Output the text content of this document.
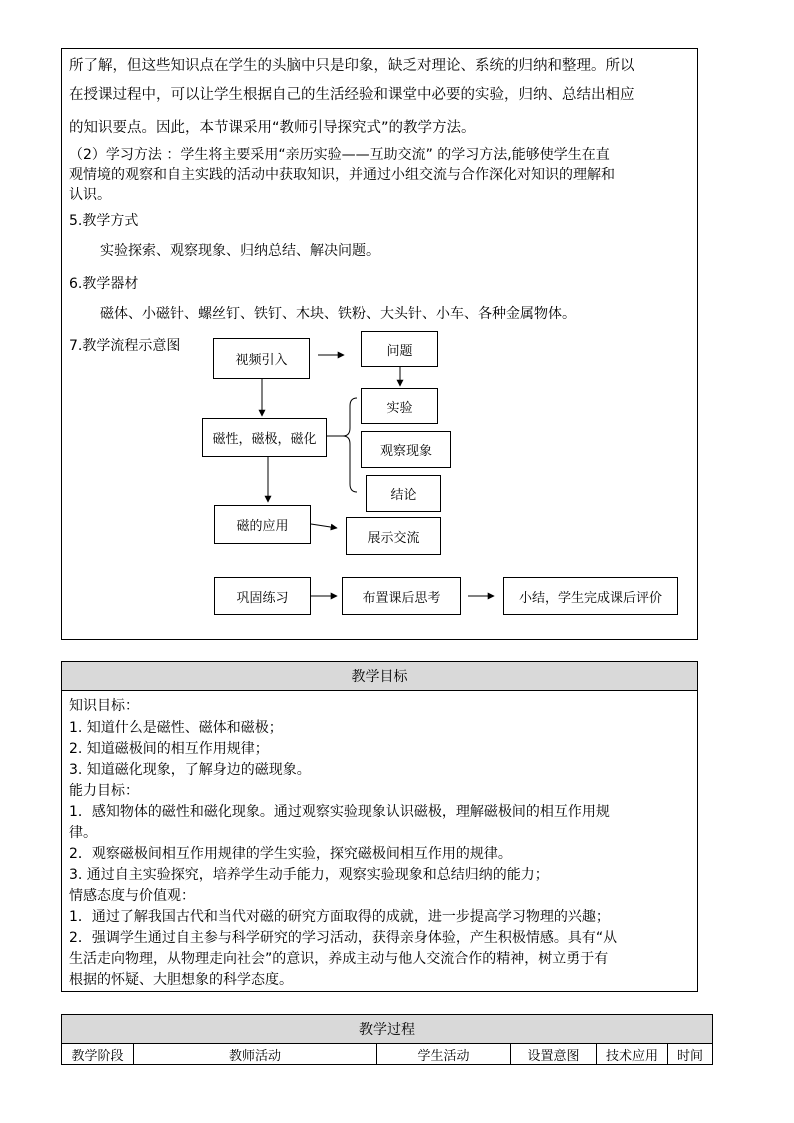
所了解，但这些知识点在学生的头脑中只是印象，缺乏对理论、系统的归纳和整理。所以
在授课过程中，可以让学生根据自己的生活经验和课堂中必要的实验，归纳、总结出相应
的知识要点。因此，本节课采用“教师引导探究式”的教学方法。
（2）学习方法 ：学生将主要采用“亲历实验——互助交流” 的学习方法,能够使学生在直
观情境的观察和自主实践的活动中获取知识，并通过小组交流与合作深化对知识的理解和
认识。
5.教学方式
实验探索、观察现象、归纳总结、解决问题。
6.教学器材
磁体、小磁针、螺丝钉、铁钉、木块、铁粉、大头针、小车、各种金属物体。
7.教学流程示意图
视频引入
问题
实验
磁性，磁极，磁化
观察现象
结论
磁的应用
展示交流
巩固练习	布置课后思考	小结，学生完成课后评价
教学目标
知识目标：
1. 知道什么是磁性、磁体和磁极；
2. 知道磁极间的相互作用规律；
3. 知道磁化现象，了解身边的磁现象。
能力目标：
1．感知物体的磁性和磁化现象。通过观察实验现象认识磁极，理解磁极间的相互作用规
律。
2．观察磁极间相互作用规律的学生实验，探究磁极间相互作用的规律。
3. 通过自主实验探究，培养学生动手能力，观察实验现象和总结归纳的能力；
情感态度与价值观：
1．通过了解我国古代和当代对磁的研究方面取得的成就，进一步提高学习物理的兴趣；
2．强调学生通过自主参与科学研究的学习活动，获得亲身体验，产生积极情感。具有“从
生活走向物理，从物理走向社会”的意识，养成主动与他人交流合作的精神，树立勇于有
根据的怀疑、大胆想象的科学态度。
教学过程
教学阶段	教师活动	学生活动	设置意图	技术应用	时间
